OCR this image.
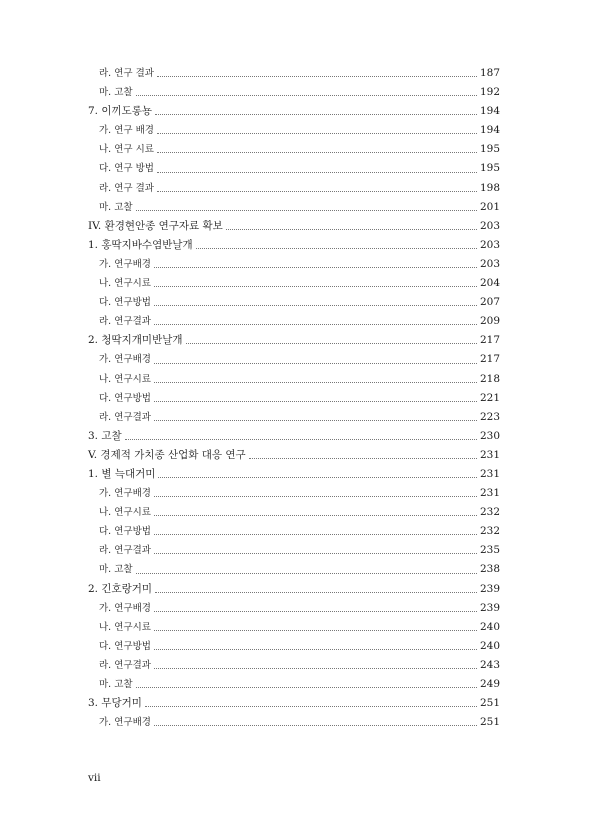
라. 연구 결과	187
마. 고찰	192
7. 이끼도롱뇽	194
가. 연구 배경	194
나. 연구 시료	195
다. 연구 방법	195
라. 연구 결과	198
마. 고찰	201
IV. 환경현안종 연구자료 확보	203
1. 홍딱지바수염반날개	203
가. 연구배경	203
나. 연구시료	204
다. 연구방법	207
라. 연구결과	209
2. 청딱지개미반날개	217
가. 연구배경	217
나. 연구시료	218
다. 연구방법	221
라. 연구결과	223
3. 고찰	230
V. 경제적 가치종 산업화 대응 연구	231
1. 별 늑대거미	231
가. 연구배경	231
나. 연구시료	232
다. 연구방법	232
라. 연구결과	235
마. 고찰	238
2. 긴호랑거미	239
가. 연구배경	239
나. 연구시료	240
다. 연구방법	240
라. 연구결과	243
마. 고찰	249
3. 무당거미	251
가. 연구배경	251
vii
